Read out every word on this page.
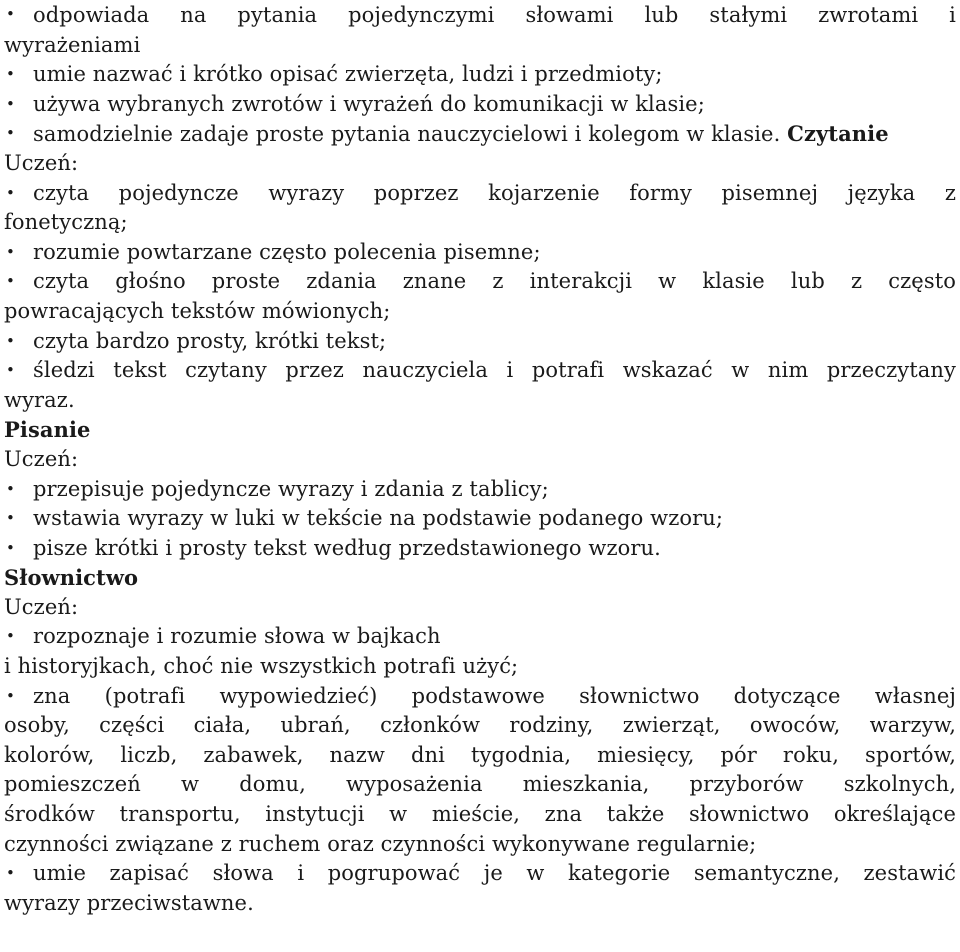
• odpowiada na pytania pojedynczymi słowami lub stałymi zwrotami i
wyrażeniami
• umie nazwać i krótko opisać zwierzęta, ludzi i przedmioty;
• używa wybranych zwrotów i wyrażeń do komunikacji w klasie;
• samodzielnie zadaje proste pytania nauczycielowi i kolegom w klasie. Czytanie
Uczeń:
• czyta pojedyncze wyrazy poprzez kojarzenie formy pisemnej języka z
fonetyczną;
• rozumie powtarzane często polecenia pisemne;
• czyta głośno proste zdania znane z interakcji w klasie lub z często
powracających tekstów mówionych;
• czyta bardzo prosty, krótki tekst;
• śledzi tekst czytany przez nauczyciela i potrafi wskazać w nim przeczytany
wyraz.
Pisanie
Uczeń:
• przepisuje pojedyncze wyrazy i zdania z tablicy;
• wstawia wyrazy w luki w tekście na podstawie podanego wzoru;
• pisze krótki i prosty tekst według przedstawionego wzoru.
Słownictwo
Uczeń:
• rozpoznaje i rozumie słowa w bajkach
i historyjkach, choć nie wszystkich potrafi użyć;
• zna (potrafi wypowiedzieć) podstawowe słownictwo dotyczące własnej
osoby, części ciała, ubrań, członków rodziny, zwierząt, owoców, warzyw,
kolorów, liczb, zabawek, nazw dni tygodnia, miesięcy, pór roku, sportów,
pomieszczeń w domu, wyposażenia mieszkania, przyborów szkolnych,
środków transportu, instytucji w mieście, zna także słownictwo określające
czynności związane z ruchem oraz czynności wykonywane regularnie;
• umie zapisać słowa i pogrupować je w kategorie semantyczne, zestawić
wyrazy przeciwstawne.
